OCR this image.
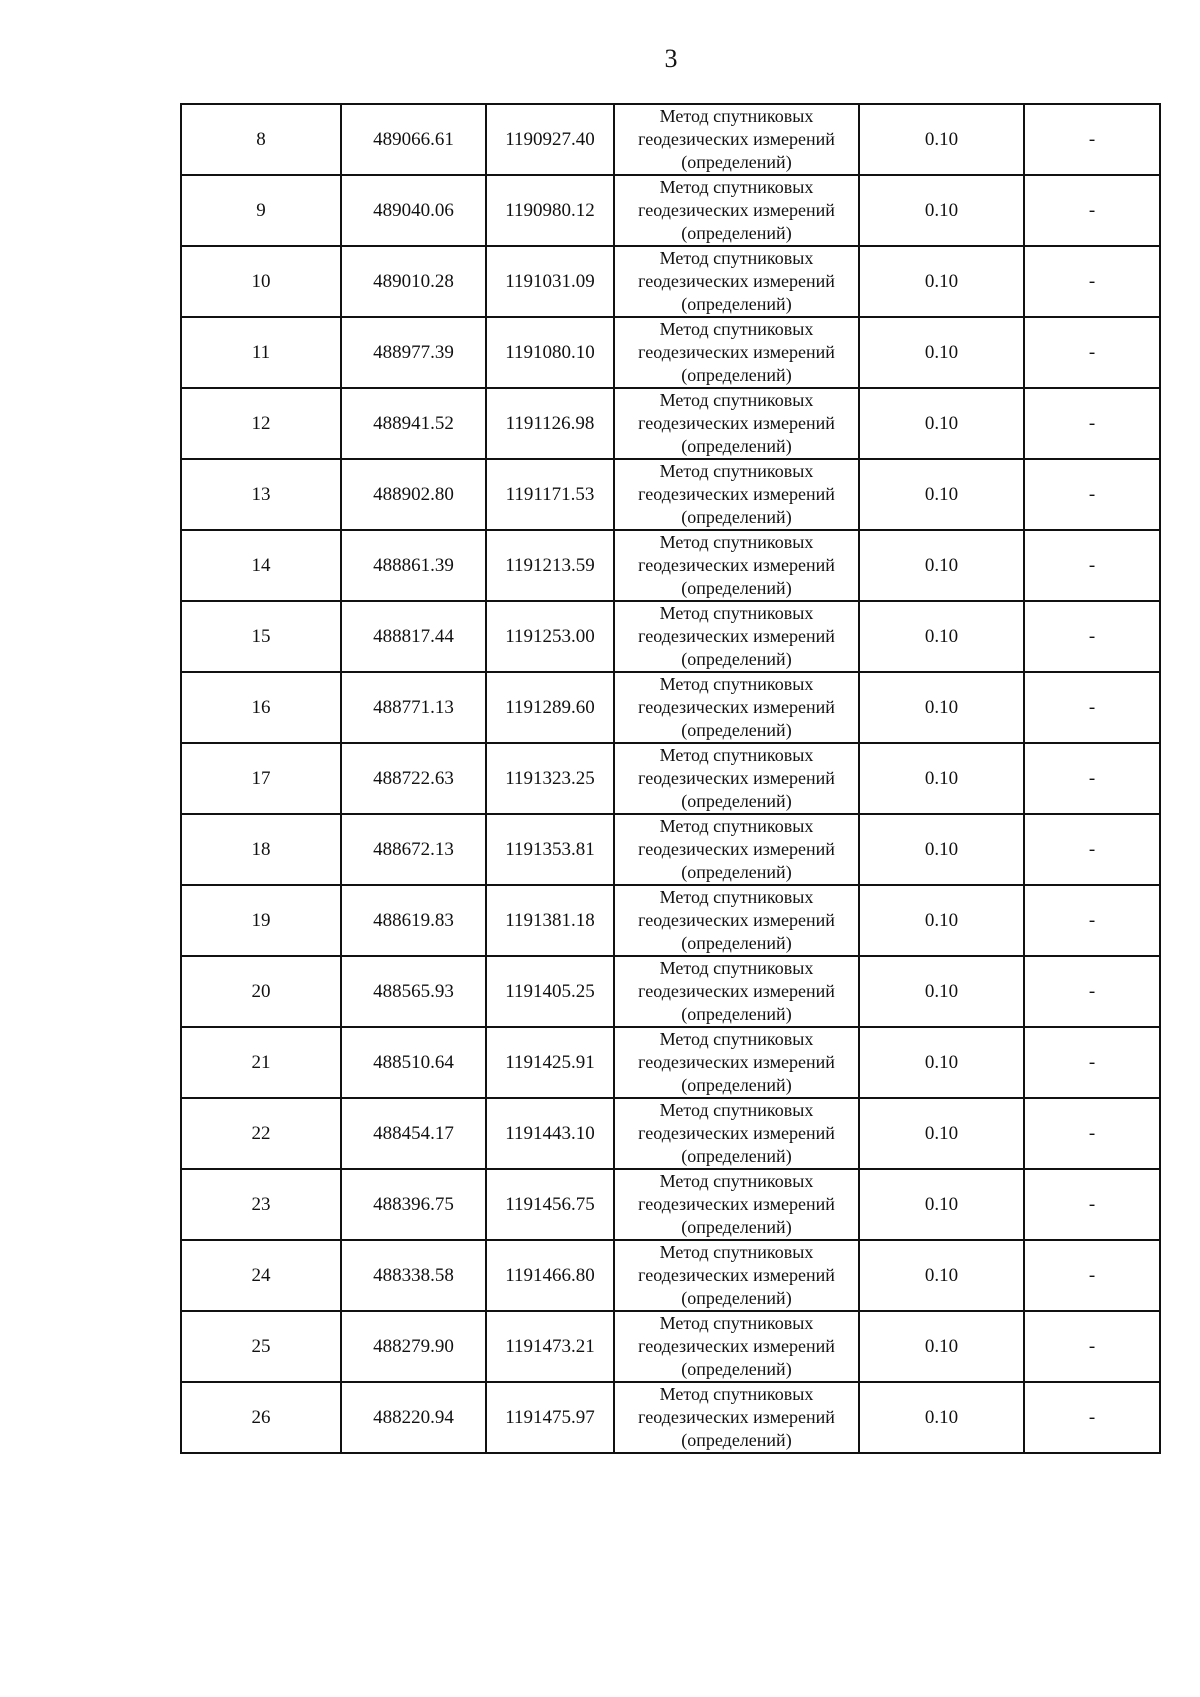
3
8	489066.61	1190927.40	Метод спутниковых геодезических измерений (определений)	0.10	-
9	489040.06	1190980.12	Метод спутниковых геодезических измерений (определений)	0.10	-
10	489010.28	1191031.09	Метод спутниковых геодезических измерений (определений)	0.10	-
11	488977.39	1191080.10	Метод спутниковых геодезических измерений (определений)	0.10	-
12	488941.52	1191126.98	Метод спутниковых геодезических измерений (определений)	0.10	-
13	488902.80	1191171.53	Метод спутниковых геодезических измерений (определений)	0.10	-
14	488861.39	1191213.59	Метод спутниковых геодезических измерений (определений)	0.10	-
15	488817.44	1191253.00	Метод спутниковых геодезических измерений (определений)	0.10	-
16	488771.13	1191289.60	Метод спутниковых геодезических измерений (определений)	0.10	-
17	488722.63	1191323.25	Метод спутниковых геодезических измерений (определений)	0.10	-
18	488672.13	1191353.81	Метод спутниковых геодезических измерений (определений)	0.10	-
19	488619.83	1191381.18	Метод спутниковых геодезических измерений (определений)	0.10	-
20	488565.93	1191405.25	Метод спутниковых геодезических измерений (определений)	0.10	-
21	488510.64	1191425.91	Метод спутниковых геодезических измерений (определений)	0.10	-
22	488454.17	1191443.10	Метод спутниковых геодезических измерений (определений)	0.10	-
23	488396.75	1191456.75	Метод спутниковых геодезических измерений (определений)	0.10	-
24	488338.58	1191466.80	Метод спутниковых геодезических измерений (определений)	0.10	-
25	488279.90	1191473.21	Метод спутниковых геодезических измерений (определений)	0.10	-
26	488220.94	1191475.97	Метод спутниковых геодезических измерений (определений)	0.10	-
